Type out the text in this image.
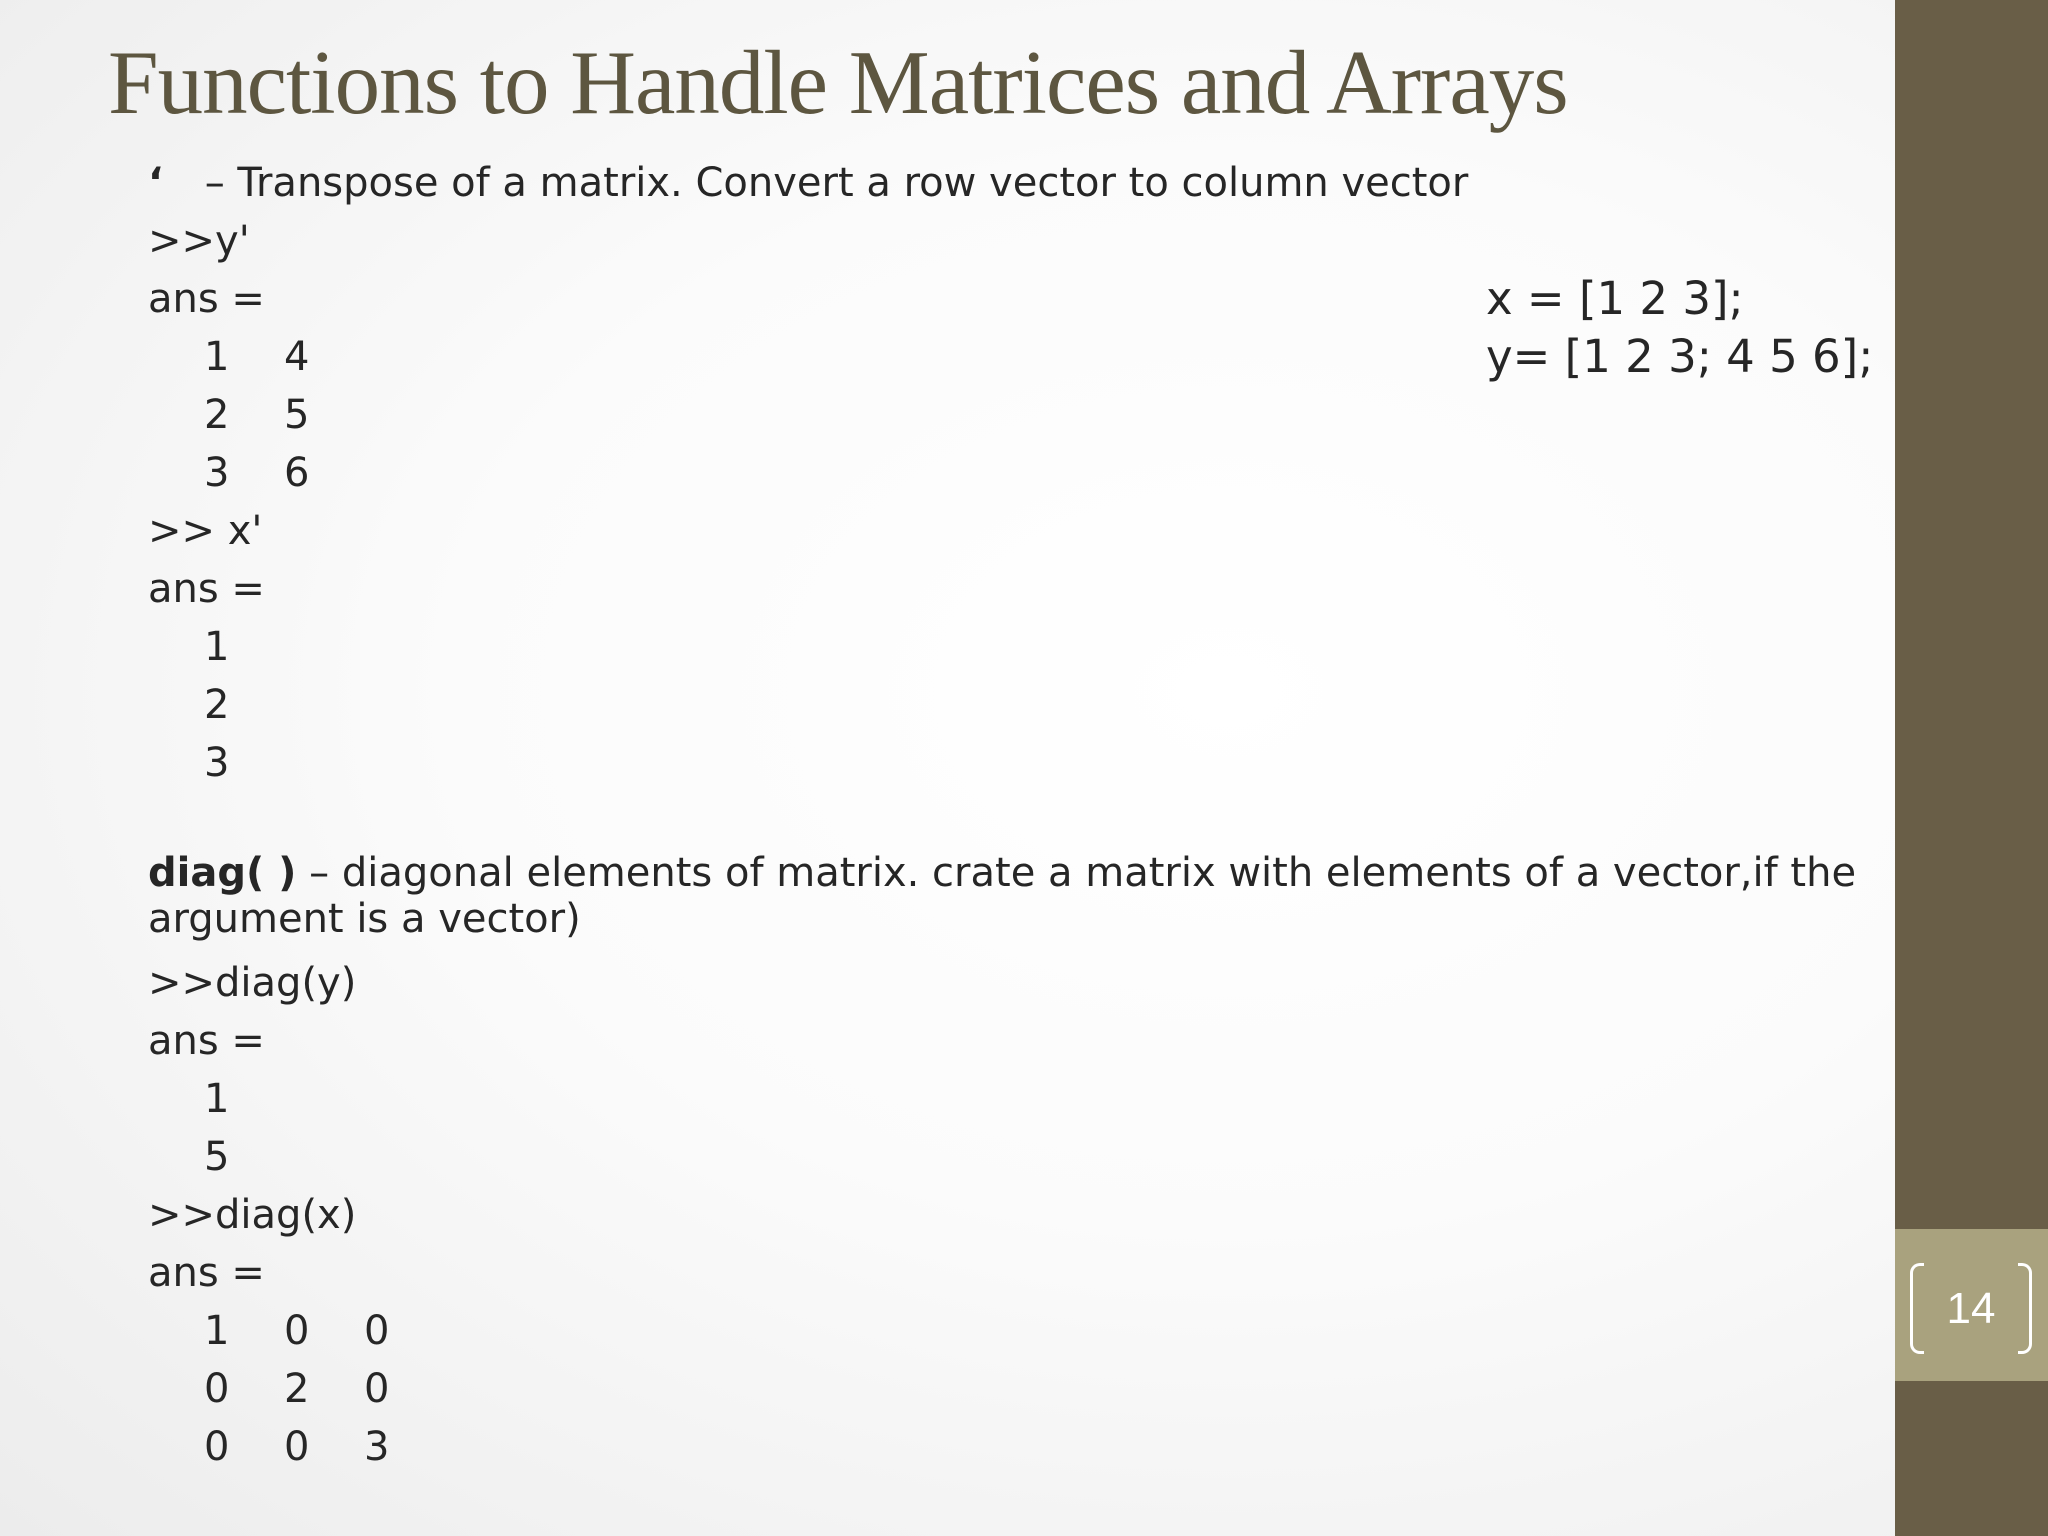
14
Functions to Handle Matrices and Arrays
‘ – Transpose of a matrix. Convert a row vector to column vector
>>y'
ans =
1 4
2 5
3 6
>> x'
ans =
1
2
3
diag( ) – diagonal elements of matrix. crate a matrix with elements of a vector,if the
argument is a vector)
>>diag(y)
ans =
1
5
>>diag(x)
ans =
1 0 0
0 2 0
0 0 3
x = [1 2 3];
y= [1 2 3; 4 5 6];
